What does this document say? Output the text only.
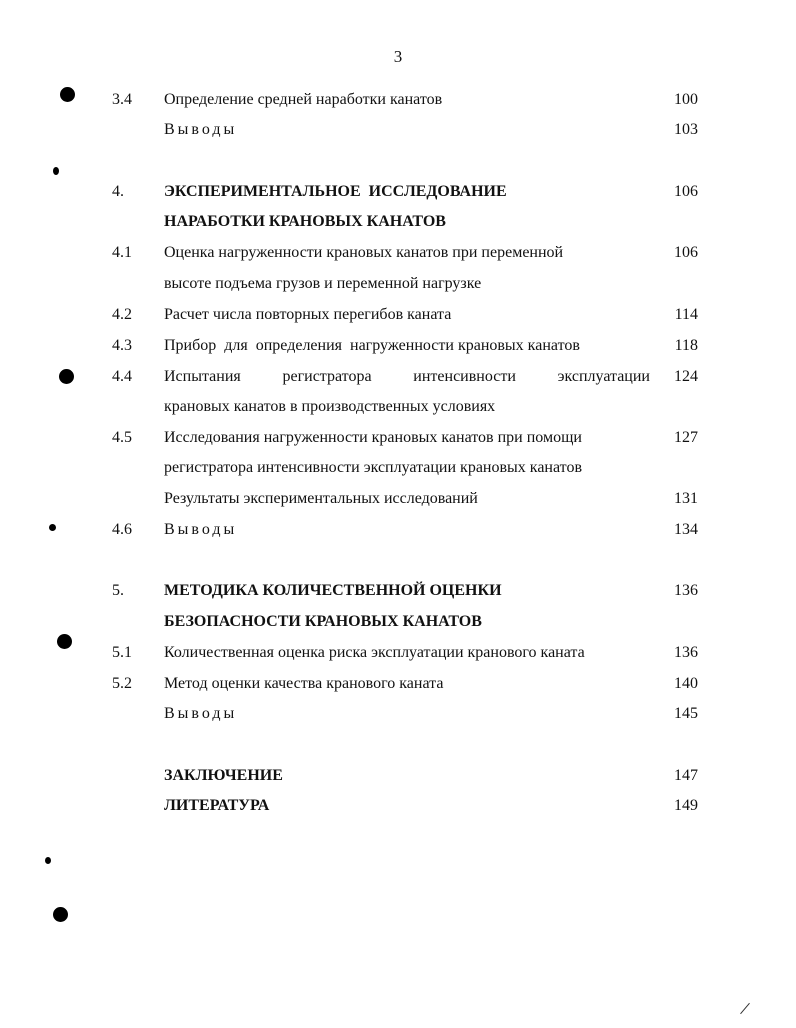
3
3.4 Определение средней наработки канатов	100
Выводы	103
4.	ЭКСПЕРИМЕНТАЛЬНОЕ  ИССЛЕДОВАНИЕ	106
НАРАБОТКИ КРАНОВЫХ КАНАТОВ
4.1 Оценка нагруженности крановых канатов при переменной	106
высоте подъема грузов и переменной нагрузке
4.2 Расчет числа повторных перегибов каната	114
4.3 Прибор  для  определения  нагруженности крановых канатов	118
4.4 Испытания регистратора интенсивности эксплуатации 124
крановых канатов в производственных условиях
4.5 Исследования нагруженности крановых канатов при помощи	127
регистратора интенсивности эксплуатации крановых канатов
Результаты экспериментальных исследований	131
4.6 Выводы	134
5.	МЕТОДИКА КОЛИЧЕСТВЕННОЙ ОЦЕНКИ	136
БЕЗОПАСНОСТИ КРАНОВЫХ КАНАТОВ
5.1 Количественная оценка риска эксплуатации кранового каната	136
5.2 Метод оценки качества кранового каната	140
Выводы	145
ЗАКЛЮЧЕНИЕ	147
ЛИТЕРАТУРА	149
